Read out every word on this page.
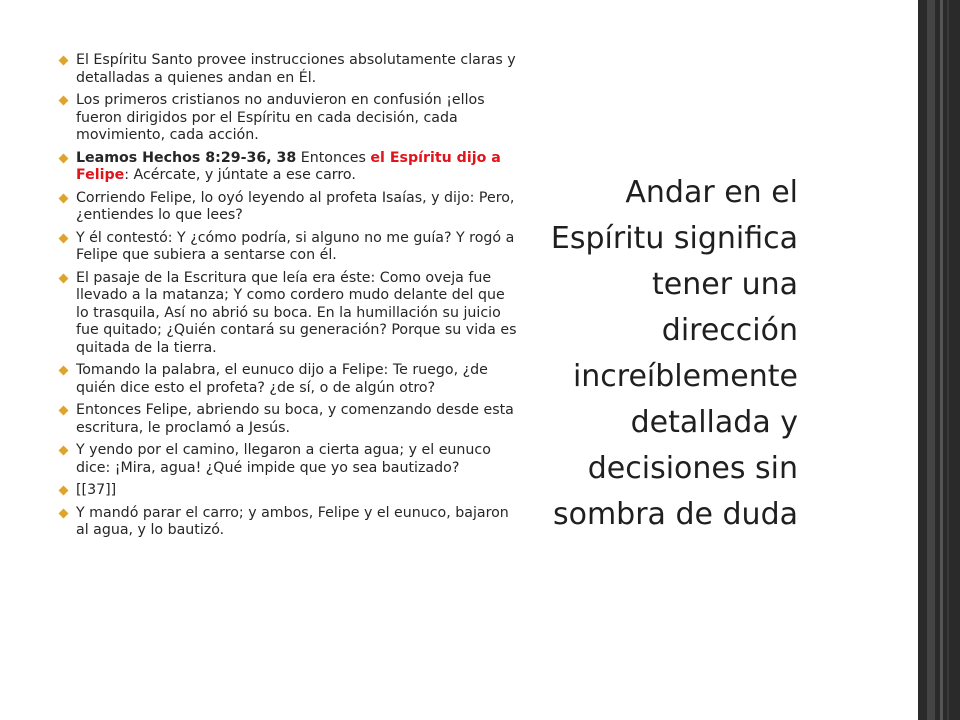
El Espíritu Santo provee instrucciones absolutamente claras y detalladas a quienes andan en Él.
Los primeros cristianos no anduvieron en confusión ¡ellos fueron dirigidos por el Espíritu en cada decisión, cada movimiento, cada acción.
Leamos Hechos 8:29-36, 38 Entonces el Espíritu dijo a Felipe: Acércate, y júntate a ese carro.
Corriendo Felipe, lo oyó leyendo al profeta Isaías, y dijo: Pero, ¿entiendes lo que lees?
Y él contestó: Y ¿cómo podría, si alguno no me guía? Y rogó a Felipe que subiera a sentarse con él.
El pasaje de la Escritura que leía era éste: Como oveja fue llevado a la matanza; Y como cordero mudo delante del que lo trasquila, Así no abrió su boca. En la humillación su juicio fue quitado; ¿Quién contará su generación? Porque su vida es quitada de la tierra.
Tomando la palabra, el eunuco dijo a Felipe: Te ruego, ¿de quién dice esto el profeta? ¿de sí, o de algún otro?
Entonces Felipe, abriendo su boca, y comenzando desde esta escritura, le proclamó a Jesús.
Y yendo por el camino, llegaron a cierta agua; y el eunuco dice: ¡Mira, agua! ¿Qué impide que yo sea bautizado?
[[37]]
Y mandó parar el carro; y ambos, Felipe y el eunuco, bajaron al agua, y lo bautizó.
Andar en el Espíritu significa tener una dirección increíblemente detallada y decisiones sin sombra de duda
